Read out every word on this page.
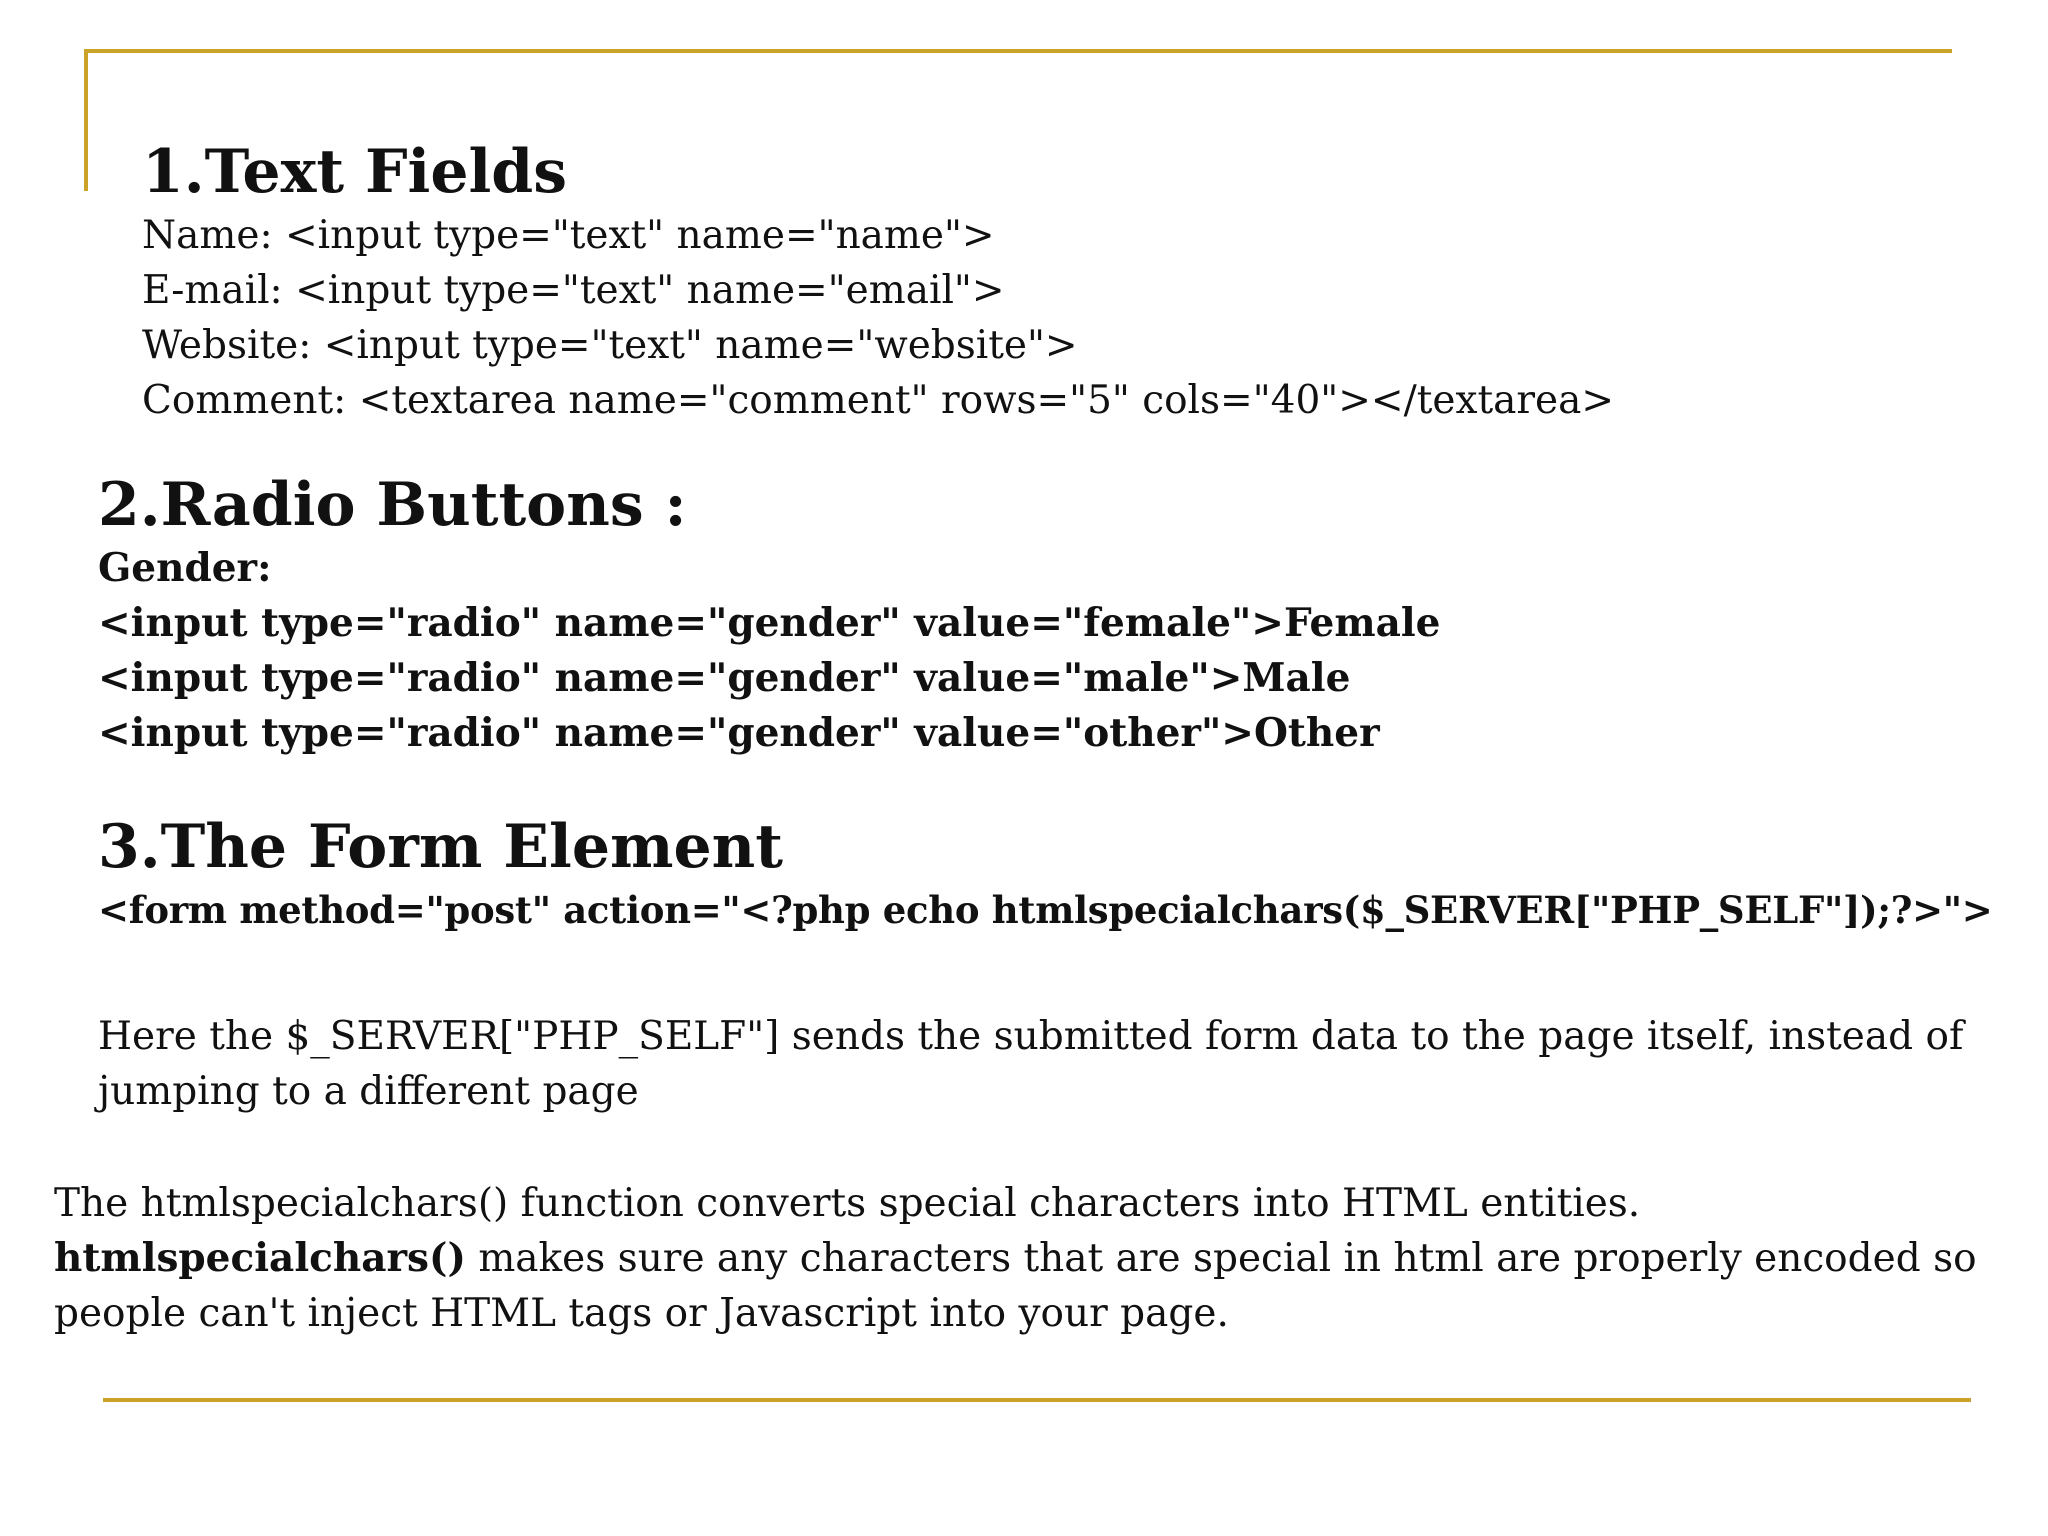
1.Text Fields

Name: <input type="text" name="name">

E-mail: <input type="text" name="email">

Website: <input type="text" name="website">

Comment: <textarea name="comment" rows="5" cols="40"></textarea>

2.Radio Buttons :

Gender:

<input type="radio" name="gender" value="female">Female

<input type="radio" name="gender" value="male">Male

<input type="radio" name="gender" value="other">Other

3.The Form Element

<form method="post" action="<?php echo htmlspecialchars($_SERVER["PHP_SELF"]);?>">

Here the $_SERVER["PHP_SELF"] sends the submitted form data to the page itself, instead of jumping to a different page

The htmlspecialchars() function converts special characters into HTML entities.

htmlspecialchars() makes sure any characters that are special in html are properly encoded so people can't inject HTML tags or Javascript into your page.
